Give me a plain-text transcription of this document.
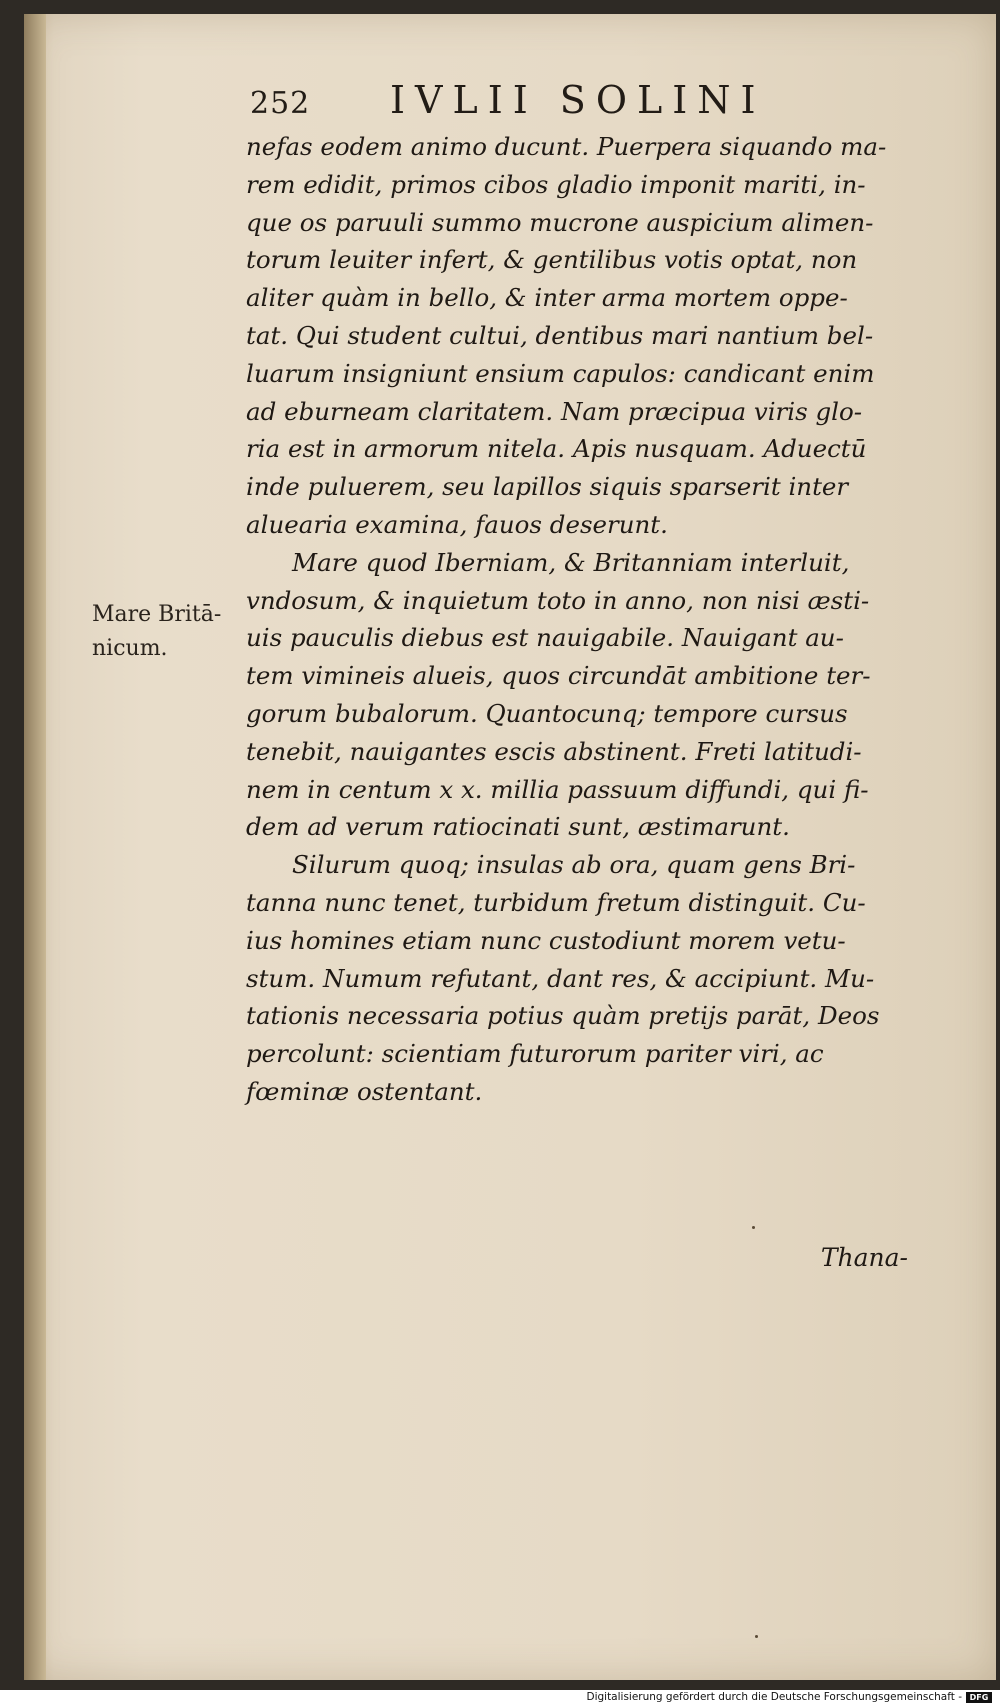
252 IVLII SOLINI
Mare Britā-
nicum.
nefas eodem animo ducunt. Puerpera siquando ma-
rem edidit, primos cibos gladio imponit mariti, in-
que os paruuli summo mucrone auspicium alimen-
torum leuiter infert, & gentilibus votis optat, non
aliter quàm in bello, & inter arma mortem oppe-
tat. Qui student cultui, dentibus mari nantium bel-
luarum insigniunt ensium capulos: candicant enim
ad eburneam claritatem. Nam præcipua viris glo-
ria est in armorum nitela. Apis nusquam. Aduectū
inde puluerem, seu lapillos siquis sparserit inter
aluearia examina, fauos deserunt.
Mare quod Iberniam, & Britanniam interluit,
vndosum, & inquietum toto in anno, non nisi æsti-
uis pauculis diebus est nauigabile. Nauigant au-
tem vimineis alueis, quos circundāt ambitione ter-
gorum bubalorum. Quantocunq; tempore cursus
tenebit, nauigantes escis abstinent. Freti latitudi-
nem in centum x x. millia passuum diffundi, qui fi-
dem ad verum ratiocinati sunt, æstimarunt.
Silurum quoq; insulas ab ora, quam gens Bri-
tanna nunc tenet, turbidum fretum distinguit. Cu-
ius homines etiam nunc custodiunt morem vetu-
stum. Numum refutant, dant res, & accipiunt. Mu-
tationis necessaria potius quàm pretijs parāt, Deos
percolunt: scientiam futurorum pariter viri, ac
fœminæ ostentant.
Thana-
Digitalisierung gefördert durch die Deutsche Forschungsgemeinschaft - DFG
